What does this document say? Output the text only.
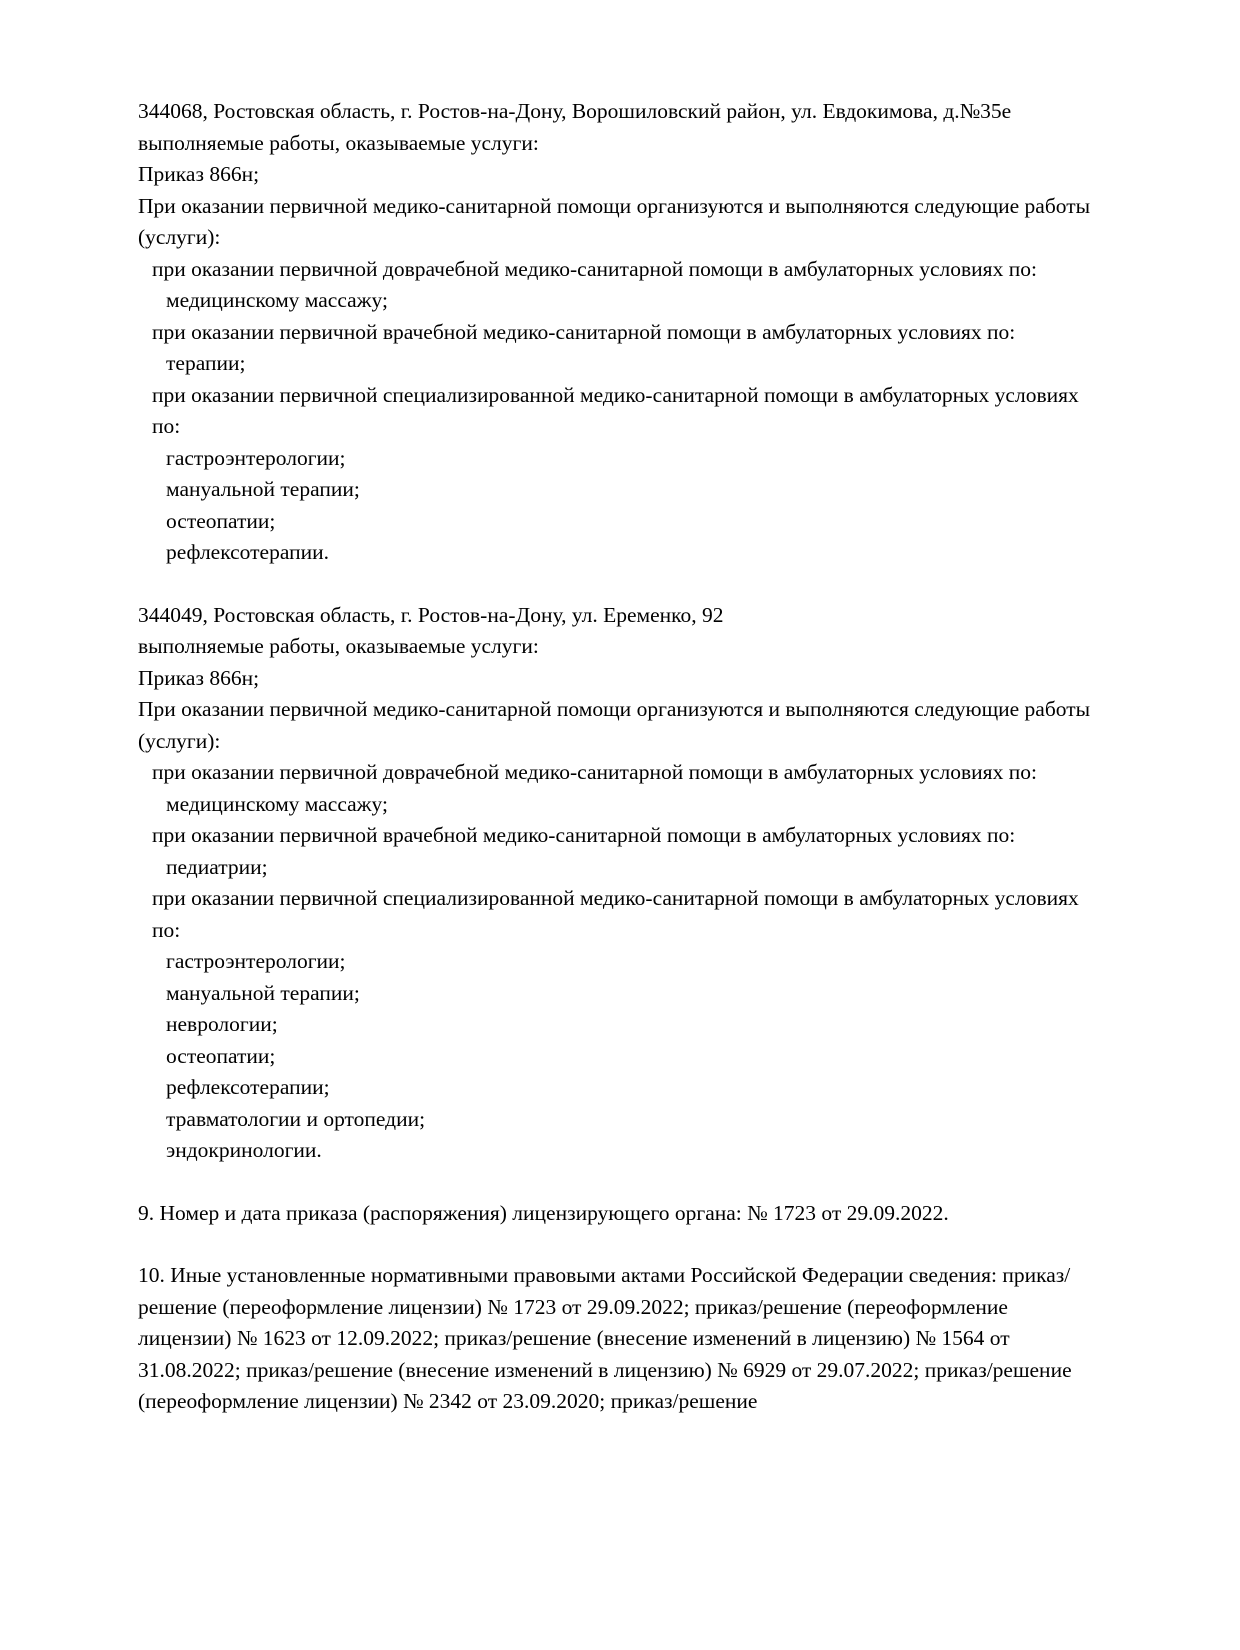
344068, Ростовская область, г. Ростов-на-Дону, Ворошиловский район, ул. Евдокимова, д.№35е

выполняемые работы, оказываемые услуги:

Приказ 866н;

При оказании первичной медико-санитарной помощи организуются и выполняются следующие работы (услуги):

при оказании первичной доврачебной медико-санитарной помощи в амбулаторных условиях по:

медицинскому массажу;

при оказании первичной врачебной медико-санитарной помощи в амбулаторных условиях по:

терапии;

при оказании первичной специализированной медико-санитарной помощи в амбулаторных условиях по:

гастроэнтерологии;

мануальной терапии;

остеопатии;

рефлексотерапии.

344049, Ростовская область, г. Ростов-на-Дону, ул. Еременко, 92

выполняемые работы, оказываемые услуги:

Приказ 866н;

При оказании первичной медико-санитарной помощи организуются и выполняются следующие работы (услуги):

при оказании первичной доврачебной медико-санитарной помощи в амбулаторных условиях по:

медицинскому массажу;

при оказании первичной врачебной медико-санитарной помощи в амбулаторных условиях по:

педиатрии;

при оказании первичной специализированной медико-санитарной помощи в амбулаторных условиях по:

гастроэнтерологии;

мануальной терапии;

неврологии;

остеопатии;

рефлексотерапии;

травматологии и ортопедии;

эндокринологии.

9. Номер и дата приказа (распоряжения) лицензирующего органа: № 1723 от 29.09.2022.

10. Иные установленные нормативными правовыми актами Российской Федерации сведения: приказ/решение (переоформление лицензии) № 1723 от 29.09.2022; приказ/решение (переоформление лицензии) № 1623 от 12.09.2022; приказ/решение (внесение изменений в лицензию) № 1564 от 31.08.2022; приказ/решение (внесение изменений в лицензию) № 6929 от 29.07.2022; приказ/решение (переоформление лицензии) № 2342 от 23.09.2020; приказ/решение
